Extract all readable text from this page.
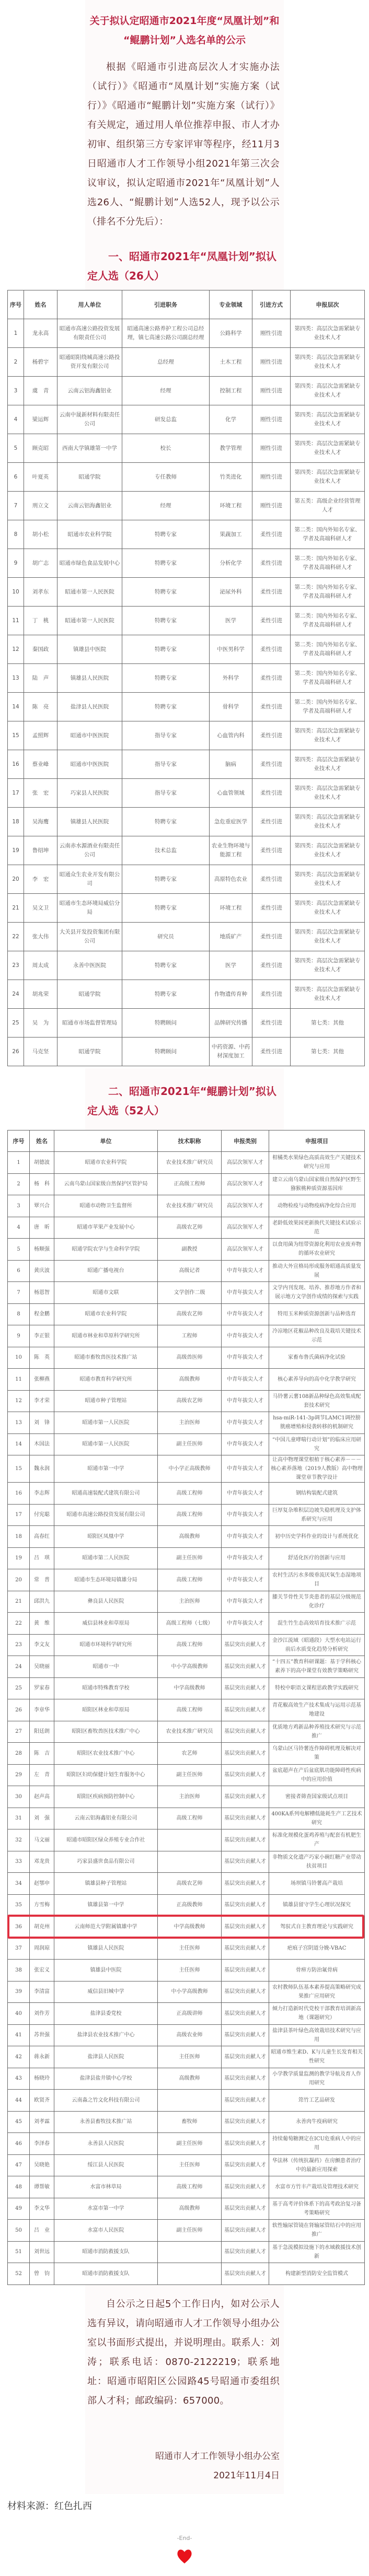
关于拟认定昭通市2021年度“凤凰计划”和
“鲲鹏计划”人选名单的公示

根据《昭通市引进高层次人才实施办法（试行）》《昭通市“凤凰计划”实施方案（试行）》《昭通市“鲲鹏计划”实施方案（试行）》有关规定，通过用人单位推荐申报、市人才办初审、组织第三方专家评审等程序，经11月3日昭通市人才工作领导小组2021年第三次会议审议，拟认定昭通市2021年“凤凰计划”人选26人、“鲲鹏计划”人选52人，现予以公示（排名不分先后）：

一、昭通市2021年“凤凰计划”拟认定人选（26人）
序号	姓名	用人单位	引进职务	专业领域	引进方式	申报层次
1	龙永高	昭通市高速公路投资发展有限责任公司	昭通高速公路养护工程公司总经理，镇七高速公路公司副总经理	公路科学	刚性引进	第四类：高层次急需紧缺专业技术人才
2	杨碧宇	昭通昭阳绕城高速公路投资开发有限公司	总经理	土木工程	刚性引进	第四类：高层次急需紧缺专业技术人才
3	虞　青	云南云铝海鑫铝业	经理	控制工程	刚性引进	第四类：高层次急需紧缺专业技术人才
4	梁运辉	云南中晟新材料有限责任公司	研发总监	化学	刚性引进	第四类：高层次急需紧缺专业技术人才
5	顾克昭	西南大学镇雄第一中学	校长	教学管理	刚性引进	第四类：高层次急需紧缺专业技术人才
6	叶夏英	昭通学院	专任教师	竹类进化	刚性引进	第四类：高层次急需紧缺专业技术人才
7	刑立文	云南云铝海鑫铝业	经理	环境工程	刚性引进	第五类：高级企业经营管理人才
8	胡小松	昭通市农业科学院	特聘专家	果蔬加工	柔性引进	第二类：国内外知名专家、学者及高端科研人才
9	胡广志	昭通市绿色食品发展中心	特聘专家	分析化学	柔性引进	第二类：国内外知名专家、学者及高端科研人才
10	刘孝东	昭通市第一人民医院	特聘专家	泌尿外科	柔性引进	第二类：国内外知名专家、学者及高端科研人才
11	丁　桃	昭通市第一人民医院	特聘专家	医学	柔性引进	第二类：国内外知名专家、学者及高端科研人才
12	秦国政	镇雄县中医院	特聘专家	中医男科学	柔性引进	第二类：国内外知名专家、学者及高端科研人才
13	陆　声	镇雄县人民医院	特聘专家	外科学	柔性引进	第二类：国内外知名专家、学者及高端科研人才
14	陈　亮	盐津县人民医院	特聘专家	骨科学	柔性引进	第二类：国内外知名专家、学者及高端科研人才
15	孟照辉	昭通市中医医院	指导专家	心血管内科	柔性引进	第四类：高层次急需紧缺专业技术人才
16	蔡业峰	昭通市中医医院	指导专家	脑病	柔性引进	第四类：高层次急需紧缺专业技术人才
17	张　宏	巧家县人民医院	指导专家	心血管领域	柔性引进	第四类：高层次急需紧缺专业技术人才
18	吴海鹰	镇雄县人民医院	特聘专家	急危重症医学	柔性引进	第四类：高层次急需紧缺专业技术人才
19	鲁绍坤	云南赤水源酒业有限责任公司	技术总监	农业生物环境与能源工程	柔性引进	第四类：高层次急需紧缺专业技术人才
20	李　宏	昭通众生农业开发有限公司	特聘专家	高原特色农业	柔性引进	第四类：高层次急需紧缺专业技术人才
21	吴文卫	昭通市生态环境局威信分局	特聘专家	环境工程	柔性引进	第四类：高层次急需紧缺专业技术人才
22	张大伟	大关县开发投资集团有限公司	研究员	地质矿产	柔性引进	第四类：高层次急需紧缺专业技术人才
23	周太成	永善中医医院	特聘专家	医学	柔性引进	第四类：高层次急需紧缺专业技术人才
24	胡兆荣	昭通学院	特聘专家	作物遗传育种	柔性引进	第四类：高层次急需紧缺专业技术人才
25	吴　为	昭通市市场监督管理局	特聘顾问	品牌研究传播	柔性引进	第七类：其他
26	马克坚	昭通学院	特聘顾问	中药资源、中药材深度加工	柔性引进	第七类：其他
二、昭通市2021年“鲲鹏计划”拟认定人选（52人）
序号	姓名	单位	技术职称	申报类别	申报项目
1	胡德波	昭通市农业科学院	农业技术推广研究员	高层次领军人才	柑橘类水果绿色高质高效生产关键技术研究与应用
2	杨　科	云南乌蒙山国家级自然保护区管护局	正高级工程师	高层次领军人才	建立云南乌蒙山国家级自然保护区野生猕猴桃种质资源基因库
3	覃兴合	昭通市动物卫生监督所	农业技术推广研究员	高层次领军人才	动物检疫与动物疫病净化综合应用
4	唐　昕	昭通市苹果产业发展中心	高级农艺师	高层次领军人才	老龄低效果园更新换代关键技术试验示范
5	杨顺强	昭通学院农学与生命科学学院	副教授	高层次领军人才	以食用菌为纽带资源化利用农业废弃物的循环农业研究
6	黄庆波	昭通广播电视台	高级记者	中青年拔尖人才	推动大外宣格局形成服务昭通高质量发展
7	杨恩智	昭通市文联	文学创作二级	中青年拔尖人才	文学内刊发现、培养、推荐地方作者和展示地方文学创作成绩的探索与实践
8	程金鹏	昭通市农业科学院	高级农艺师	中青年拔尖人才	特用玉米种质资源创新与品种选育
9	李正银	昭通市林业和草原科学研究所	工程师	中青年拔尖人才	冷凉地区花椒品种改良及栽培关键技术示范
10	陈　英	昭通市畜牧兽医技术推广站	高级兽医师	中青年拔尖人才	家畜布鲁氏菌病净化试验
11	张柳燕	昭通市教育科学研究所	高级教师	中青年拔尖人才	核心素养导向的高中化学教学研究
12	李才荣	昭通市种子管理站	高级农艺师	中青年拔尖人才	马铃薯云薯108新品种绿色高效集成配套技术研究
13	刘　锋	昭通市第一人民医院	主治医师	中青年拔尖人才	hsa-miR-141-3p调节LAMC1调控膀胱癌增殖和侵袭转移的机制研究
14	木国法	昭通市第一人民医院	副主任医师	中青年拔尖人才	“中国儿童哮喘行动计划”的临床应用研究
15	魏永润	昭通市第一中学	中小学正高级教师	中青年拔尖人才	让高中物理课堂根植于核心素养－－－核心素养落地（2019人教版）高中物理课堂章节教学设计
16	李志辉	昭通高速装配式建筑有限公司	高级工程师	中青年拔尖人才	钢结构装配式建筑
17	付宪聪	昭通市高速公路投资发展有限公司	高级工程师	中青年拔尖人才	巨厚复杂堆积层边坡失稳机理及支护体系研究与应用
18	高春红	昭阳区凤凰中学	高级教师	中青年拔尖人才	初中历史学科作业的设计与系统优化
19	吕　琪	昭通市第二人民医院	副主任医师	中青年拔尖人才	舒适化医疗的创新与应用
20	常　普	昭通市生态环境局镇雄分局	高级工程师	中青年拔尖人才	农村生活污水多级垂流厌氧生态湿地项目
21	邱洪九	彝良县人民医院	主治医师	中青年拔尖人才	膝关节骨性关节炎患者的基层分级规范化诊疗
22	黄　维	威信县林业和草原局	高级工程师（七级）	中青年拔尖人才	混生竹生态高效培育技术推广示范
23	李文友	昭通市环境科学研究所	高级工程师	基层突出贡献人才	金沙江流域（昭通段）大型水电站运行前后水质变化趋势分析研究
24	吴晓丽	昭通市一中	中小学高级教师	基层突出贡献人才	“十四五”教育科研课题：基于学科核心素养下的高中课堂有效教学策略研究
25	罗家春	昭通市特殊教育学校	中学高级教师	基层突出贡献人才	特校中职语文课程思政教学实践研究
26	李章华	昭阳区林业和草原局	高级工程师	基层突出贡献人才	青花椒高效生产技术集成与运用示范基地建设
27	阳廷朗	昭阳区畜牧兽医技术推广中心	农业技术推广研究员	基层突出贡献人才	优质地方鸡新品种养殖技术研究与示范推广
28	陈　吉	昭阳区农业技术推广中心	农艺师	基层突出贡献人才	乌蒙山区马铃薯连作障碍机理及解决对策
29	左　青	昭阳区妇幼保健计划生育服务中心	副主任医师	基层突出贡献人才	盆底超声在产后盆底肌功能障碍性疾病中的应用价值
30	赵声高	昭阳区疾病预防控制中心	主治医师	基层突出贡献人才	密接者筛查国家级试点项目
31	刘　强	云南云铝海鑫铝业有限公司	高级工程师	基层突出贡献人才	400KA系列电解槽低能耗生产工艺技术研究
32	马文丽	昭通市昭阳区绿众养殖专业合作社		基层突出贡献人才	标准化规模化蛋鸡养殖与配套有机肥生产
33	邓龙贵	巧家县盛世食品有限公司		基层突出贡献人才	非物质文化遗产巧家小碗红糖产业带动扶贫项目
34	赵鄂申	镇雄县种子管理站	高级农艺师	基层突出贡献人才	场坝镇马铃薯高产栽培
35	方雪梅	镇雄县第一中学	正高级教师	基层突出贡献人才	镇雄县留守学生心理状况探究
36	胡克州	云南师范大学附属镇雄中学	中学高级教师	基层突出贡献人才	驾驭式自主教育理论与实践研究
37	周润琼	镇雄县人民医院	主任医师	基层突出贡献人才	疤痕子宫阴道分娩-VBAC
38	张宏义	镇雄县中医院	主任医师	基层突出贡献人才	骨痹方防治氟骨病
39	李清富	威信县旧城中学	中小学高级教师	基层突出贡献人才	农村教师队伍基本素养提高策略研究成果推广应用研究
40	刘作芳	盐津县委党校	正高级讲师	基层突出贡献人才	倾力打造新时代党校干部教育培训新高地（课题研究）
41	苏世强	盐津县农业技术推广中心	高级农业师	基层突出贡献人才	盐津县茶叶绿色高效栽培技术研究与应用
42	蒋永新	盐津县人民医院	主任医师	基层突出贡献人才	昭通市维生素D、K与儿童生长发育相关性研究
43	杨晓玲	盐津县盐井镇中心学校	高级教师	基层突出贡献人才	小学教学质量监测的教学导航及育人作用研究
44	欧贤齐	云南淼之竹文化科技有限公司		基层突出贡献人才	筇竹工艺品研发
45	刘孝霖	永善县畜牧技术推广站	畜牧师	基层突出贡献人才	永善肉牛疫病研究
46	李泽春	永善县人民医院	副主任医师	基层突出贡献人才	持续葡萄糖测定在ICU危重病人中的应用
47	吴晓艳	绥江县人民医院	主任医师	基层突出贡献人才	华法林（传统抗凝药）在房颤患者治疗中的最新应用探索
48	谭帮敏	水富市林草局	高级工程师	基层突出贡献人才	水富市方竹丰产栽培及管理技术研究
49	李文华	水富市第一中学	高级教师	基层突出贡献人才	基于高考评价体系下的高考政治复习备考策略研究
50	吕　业	水富市人民医院	副主任医师	基层突出贡献人才	软性输尿管镜在肾输尿管结石中的应用推广
51	刘世远	昭通市消防救援支队		基层突出贡献人才	基于急流模拟设施下的水域救援技术创新
52	曾　钧	昭通市消防救援支队		基层突出贡献人才	构建新型消防安全监管模式

自公示之日起5个工作日内，如对公示人选有异议，请向昭通市人才工作领导小组办公室以书面形式提出，并说明理由。联系人：刘涛；联系电话：0870-2122219；联系地址：昭通市昭阳区公园路45号昭通市委组织部人才科；邮政编码：657000。

昭通市人才工作领导小组办公室
2021年11月4日
材料来源：红色扎西
-End-
